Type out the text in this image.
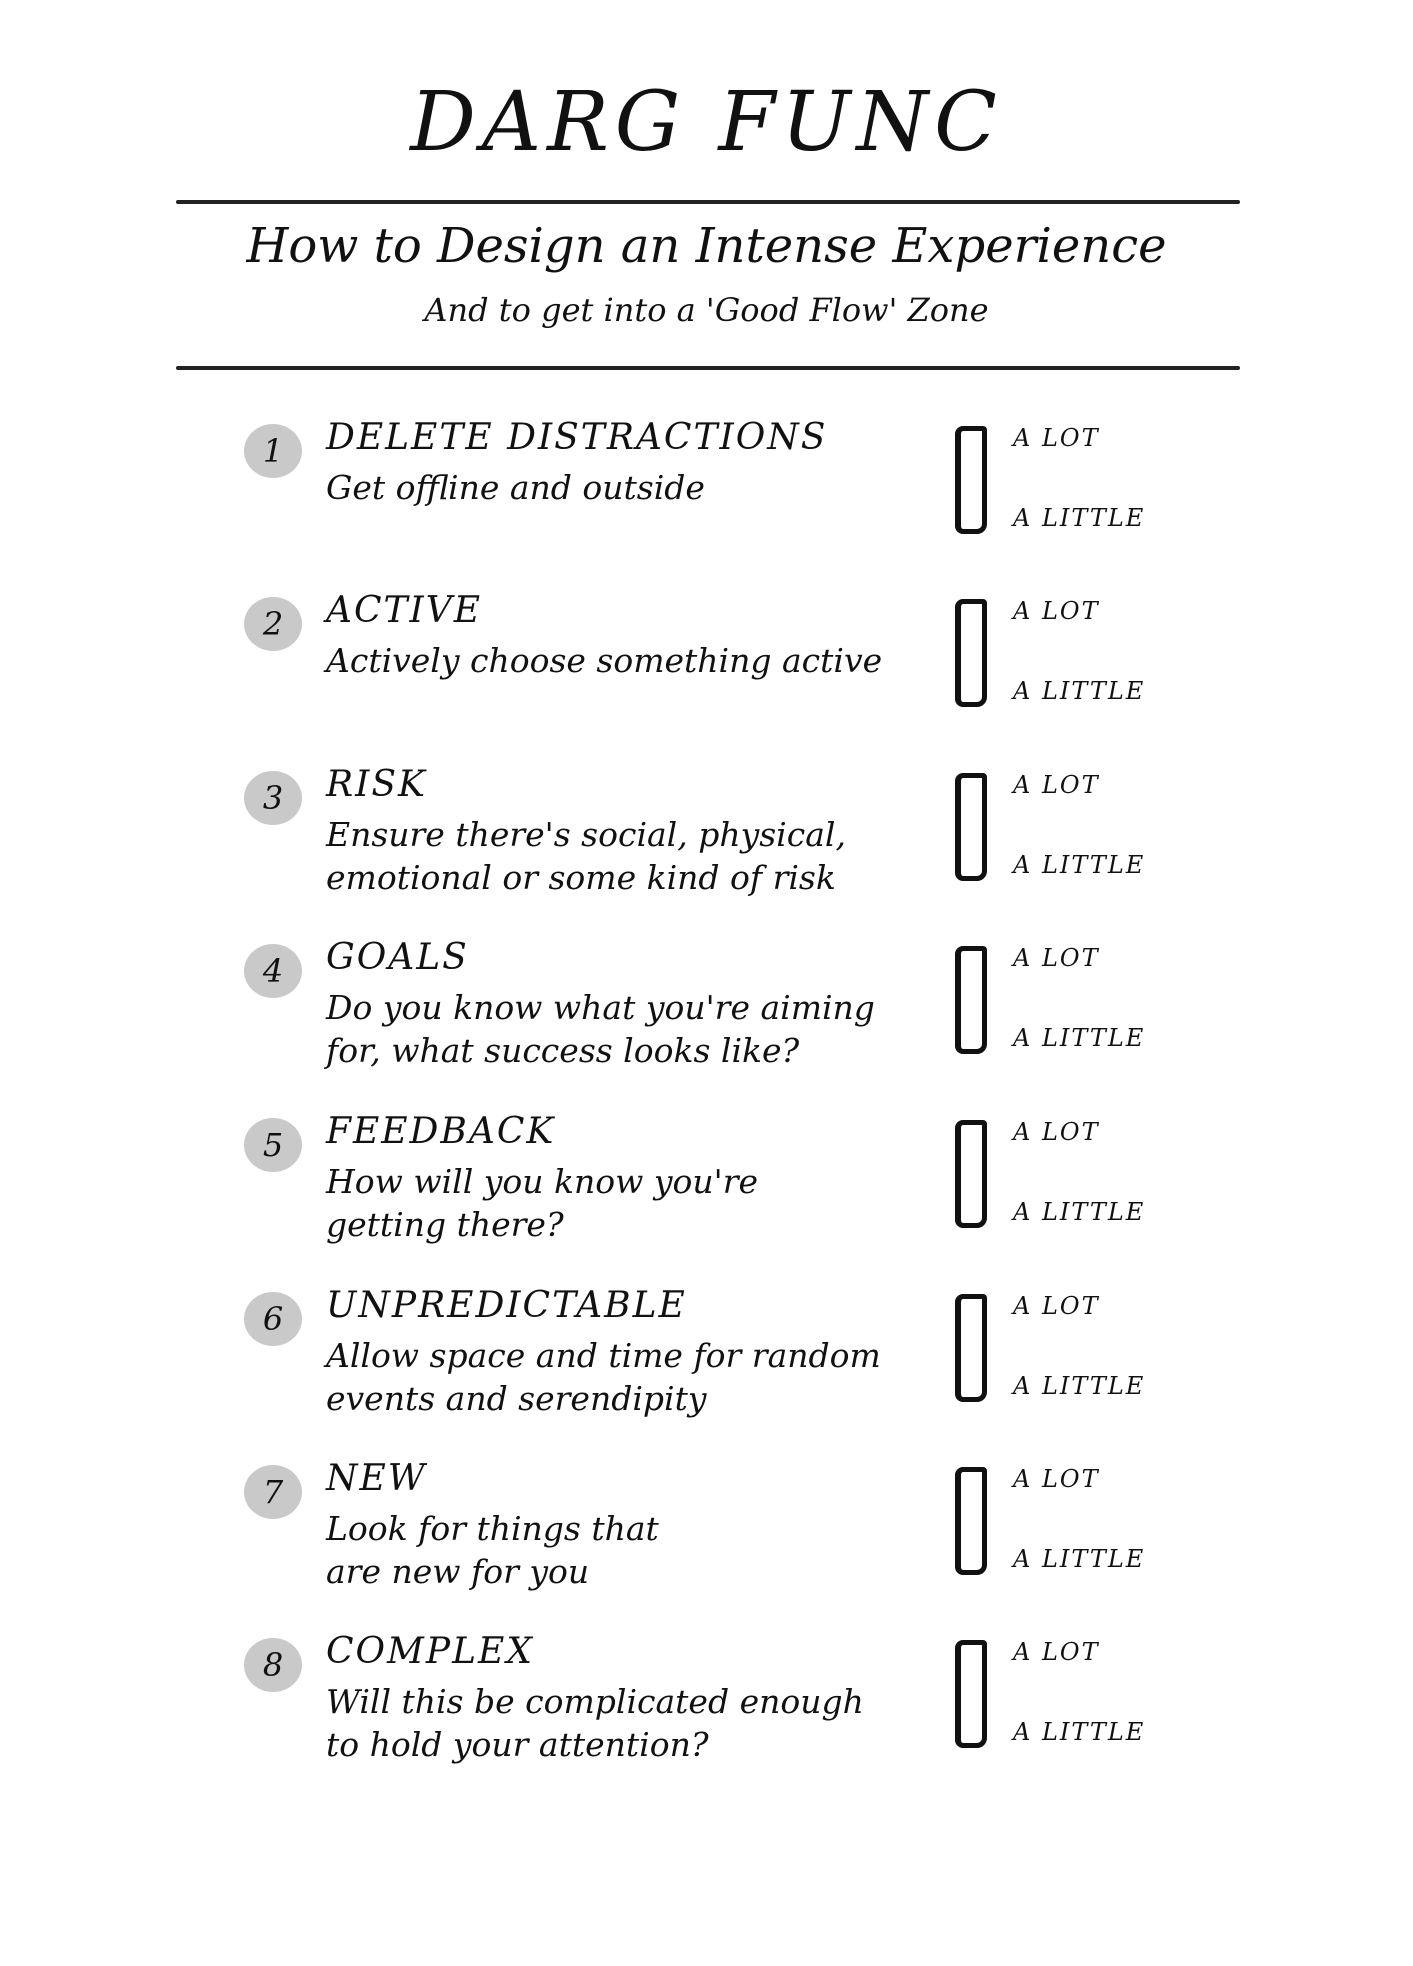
DARG FUNC
How to Design an Intense Experience
And to get into a 'Good Flow' Zone
1	DELETE DISTRACTIONS
Get offline and outside
A LOT
A LITTLE
2	ACTIVE
Actively choose something active
A LOT
A LITTLE
3	RISK
Ensure there's social, physical,
emotional or some kind of risk
A LOT
A LITTLE
4	GOALS
Do you know what you're aiming
for, what success looks like?
A LOT
A LITTLE
5	FEEDBACK
How will you know you're
getting there?
A LOT
A LITTLE
6	UNPREDICTABLE
Allow space and time for random
events and serendipity
A LOT
A LITTLE
7	NEW
Look for things that
are new for you
A LOT
A LITTLE
8	COMPLEX
Will this be complicated enough
to hold your attention?
A LOT
A LITTLE
